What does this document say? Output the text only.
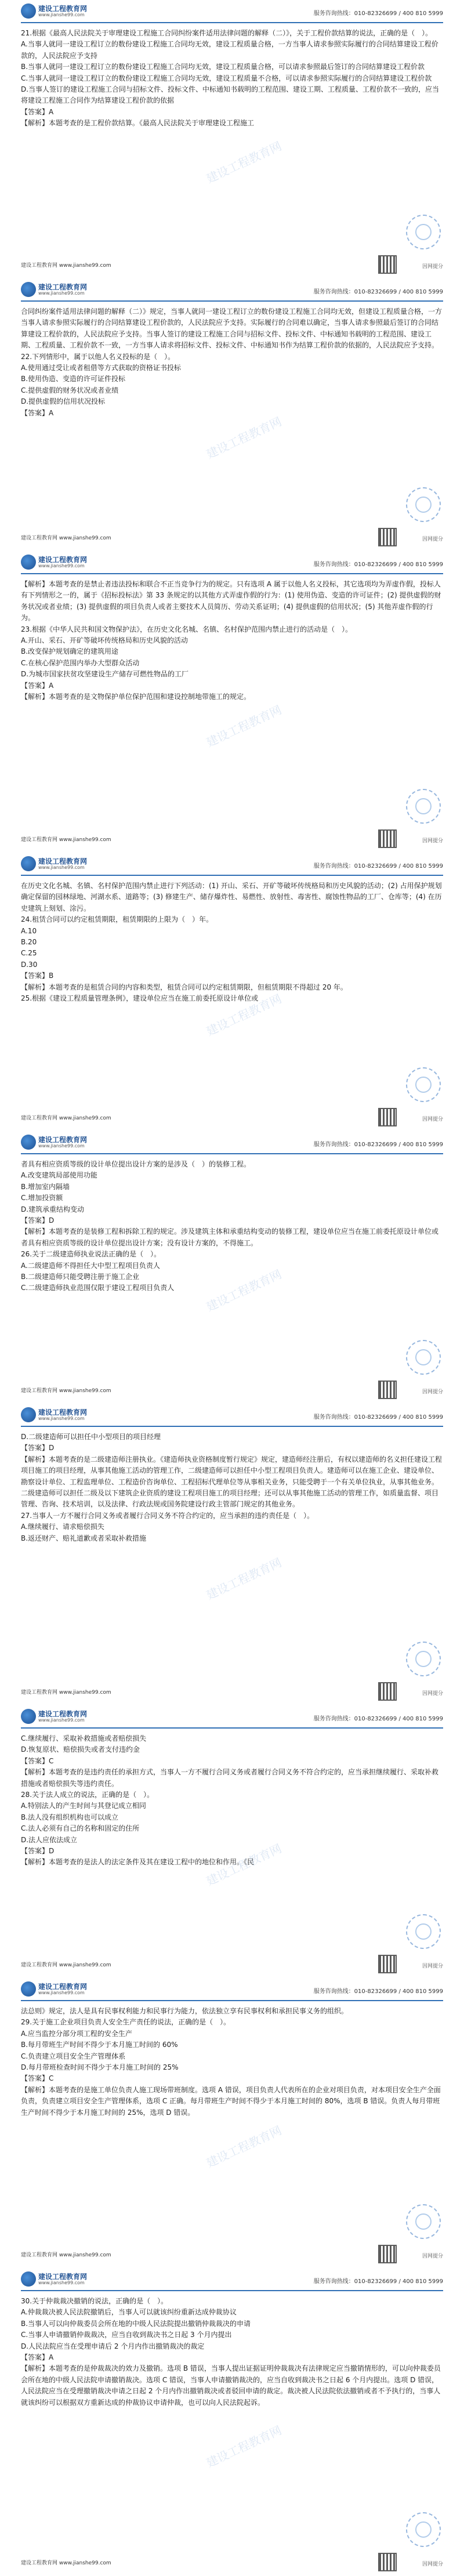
建设工程教育网
www.jianshe99.com	服务咨询热线：010-82326699 / 400 810 5999

21.根据《最高人民法院关于审理建设工程施工合同纠纷案件适用法律问题的解释（二）》，关于工程价款结算的说法，正确的是（　）。

A.当事人就同一建设工程订立的数份建设工程施工合同均无效，建设工程质量合格，一方当事人请求参照实际履行的合同结算建设工程价款的，人民法院应予支持

B.当事人就同一建设工程订立的数份建设工程施工合同均无效，建设工程质量合格，可以请求参照最后签订的合同结算建设工程价款

C.当事人就同一建设工程订立的数份建设工程施工合同均无效，建设工程质量不合格，可以请求参照实际履行的合同结算建设工程价款

D.当事人签订的建设工程施工合同与招标文件、投标文件、中标通知书载明的工程范围、建设工期、工程质量、工程价款不一致的，应当将建设工程施工合同作为结算建设工程价款的依据

【答案】A

【解析】本题考查的是工程价款结算。《最高人民法院关于审理建设工程施工

建设工程教育网 www.jianshe99.com	因网提分
建设工程教育网
建设工程教育网
www.jianshe99.com	服务咨询热线：010-82326699 / 400 810 5999

合同纠纷案件适用法律问题的解释（二）》规定，当事人就同一建设工程订立的数份建设工程施工合同均无效，但建设工程质量合格，一方当事人请求参照实际履行的合同结算建设工程价款的，人民法院应予支持。实际履行的合同难以确定，当事人请求参照最后签订的合同结算建设工程价款的，人民法院应予支持。当事人签订的建设工程施工合同与招标文件、投标文件、中标通知书载明的工程范围、建设工期、工程质量、工程价款不一致，一方当事人请求将招标文件、投标文件、中标通知书作为结算工程价款的依据的，人民法院应予支持。

22.下列情形中，属于以他人名义投标的是（　）。

A.使用通过受让或者租借等方式获取的资格证书投标

B.使用伪造、变造的许可证件投标

C.提供虚假的财务状况或者业绩

D.提供虚假的信用状况投标

【答案】A

建设工程教育网 www.jianshe99.com	因网提分
建设工程教育网
建设工程教育网
www.jianshe99.com	服务咨询热线：010-82326699 / 400 810 5999

【解析】本题考查的是禁止者违法投标和联合不正当竞争行为的规定。只有选项 A 属于以他人名义投标，其它选项均为弄虚作假，投标人有下列情形之一的，属于《招标投标法》第 33 条规定的以其他方式弄虚作假的行为：(1) 使用伪造、变造的许可证件；(2) 提供虚假的财务状况或者业绩；(3) 提供虚假的项目负责人或者主要技术人员简历、劳动关系证明；(4) 提供虚假的信用状况；(5) 其他弄虚作假的行为。

23.根据《中华人民共和国文物保护法》，在历史文化名城、名镇、名村保护范围内禁止进行的活动是（　）。

A.开山、采石、开矿等破坏传统格局和历史风貌的活动

B.改变保护规划确定的建筑用途

C.在核心保护范围内举办大型群众活动

D.为城市国家扶贫攻坚建设生产储存可燃性物品的工厂

【答案】A

【解析】本题考查的是文物保护单位保护范围和建设控制地带施工的规定。

建设工程教育网 www.jianshe99.com	因网提分
建设工程教育网
建设工程教育网
www.jianshe99.com	服务咨询热线：010-82326699 / 400 810 5999

在历史文化名城、名镇、名村保护范围内禁止进行下列活动：(1) 开山、采石、开矿等破坏传统格局和历史风貌的活动；(2) 占用保护规划确定保留的园林绿地、河湖水系、道路等；(3) 修建生产、储存爆炸性、易燃性、放射性、毒害性、腐蚀性物品的工厂、仓库等；(4) 在历史建筑上刻划、涂污。

24.租赁合同可以约定租赁期限，租赁期限的上限为（　）年。

A.10

B.20

C.25

D.30

【答案】B

【解析】本题考查的是租赁合同的内容和类型，租赁合同可以约定租赁期限，但租赁期限不得超过 20 年。

25.根据《建设工程质量管理条例》，建设单位应当在施工前委托原设计单位或

建设工程教育网 www.jianshe99.com	因网提分
建设工程教育网
建设工程教育网
www.jianshe99.com	服务咨询热线：010-82326699 / 400 810 5999

者具有相应资质等级的设计单位提出设计方案的是涉及（　）的装修工程。

A.改变建筑局部使用功能

B.增加室内隔墙

C.增加投资额

D.建筑承重结构变动

【答案】D

【解析】本题考查的是装修工程和拆除工程的规定。涉及建筑主体和承重结构变动的装修工程，建设单位应当在施工前委托原设计单位或者具有相应资质等级的设计单位提出设计方案；没有设计方案的，不得施工。

26.关于二级建造师执业说法正确的是（　）。

A.二级建造师不得担任大中型工程项目负责人

B.二级建造师只能受聘注册于施工企业

C.二级建造师执业范围仅限于建设工程项目负责人

建设工程教育网 www.jianshe99.com	因网提分
建设工程教育网
建设工程教育网
www.jianshe99.com	服务咨询热线：010-82326699 / 400 810 5999

D.二级建造师可以担任中小型项目的项目经理

【答案】D

【解析】本题考查的是二级建造师注册执业。《建造师执业资格制度暂行规定》规定，建造师经注册后，有权以建造师的名义担任建设工程项目施工的项目经理，从事其他施工活动的管理工作，二级建造师可以担任中小型工程项目负责人。建造师可以在施工企业、建设单位、勘察设计单位、工程监理单位、工程造价咨询单位、工程招标代理单位等从事相关业务，只能受聘于一个有关单位执业，从事其他业务。二级建造师可以担任二级及以下建筑企业资质的建设工程项目施工的项目经理；还可以从事其他施工活动的管理工作，如质量监督、项目管理、咨询、技术培训，以及法律、行政法规或国务院建设行政主管部门规定的其他业务。

27.当事人一方不履行合同义务或者履行合同义务不符合约定的，应当承担的违约责任是（　）。

A.继续履行、请求赔偿损失

B.返还财产、赔礼道歉或者采取补救措施

建设工程教育网 www.jianshe99.com	因网提分
建设工程教育网
建设工程教育网
www.jianshe99.com	服务咨询热线：010-82326699 / 400 810 5999

C.继续履行、采取补救措施或者赔偿损失

D.恢复原状、赔偿损失或者支付违约金

【答案】C

【解析】本题考查的是违约责任的承担方式，当事人一方不履行合同义务或者履行合同义务不符合约定的，应当承担继续履行、采取补救措施或者赔偿损失等违约责任。

28.关于法人成立的说法，正确的是（　）。

A.特别法人的产生时间与其登记成立相同

B.法人没有组织机构也可以成立

C.法人必须有自己的名称和固定的住所

D.法人应依法成立

【答案】D

【解析】本题考查的是法人的法定条件及其在建设工程中的地位和作用。《民

建设工程教育网 www.jianshe99.com	因网提分
建设工程教育网
建设工程教育网
www.jianshe99.com	服务咨询热线：010-82326699 / 400 810 5999

法总则》规定，法人是具有民事权利能力和民事行为能力，依法独立享有民事权利和承担民事义务的组织。

29.关于施工企业项目负责人安全生产责任的说法，正确的是（　）。

A.应当监控分部分项工程的安全生产

B.每月带班生产时间不得少于本月施工时间的 60%

C.负责建立项目安全生产管理体系

D.每月带班检查时间不得少于本月施工时间的 25%

【答案】C

【解析】本题考查的是施工单位负责人施工现场带班制度。选项 A 错误，项目负责人代表所在的企业对项目负责，对本项目安全生产全面负责，负责建立项目安全生产管理体系，选项 C 正确。每月带班生产时间不得少于本月施工时间的 80%，选项 B 错误。负责人每月带班生产时间不得少于本月施工时间的 25%，选项 D 错误。

建设工程教育网 www.jianshe99.com	因网提分
建设工程教育网
建设工程教育网
www.jianshe99.com	服务咨询热线：010-82326699 / 400 810 5999

30.关于仲裁裁决撤销的说法，正确的是（　）。

A.仲裁裁决被人民法院撤销后，当事人可以就该纠纷重新达成仲裁协议

B.当事人可以向仲裁委员会所在地的中级人民法院提出撤销仲裁裁决的申请

C.当事人申请撤销仲裁裁决，应当自收到裁决书之日起 3 个月内提出

D.人民法院应当在受理申请后 2 个月内作出撤销裁决的裁定

【答案】A

【解析】本题考查的是仲裁裁决的效力及撤销。选项 B 错误，当事人提出证据证明仲裁裁决有法律规定应当撤销情形的，可以向仲裁委员会所在地的中级人民法院申请撤销裁决。选项 C 错误，当事人申请撤销裁决的，应当自收到裁决书之日起 6 个月内提出。选项 D 错误，人民法院应当在受理撤销裁决申请之日起 2 个月内作出撤销裁决或者驳回申请的裁定。裁决被人民法院依法撤销或者不予执行的，当事人就该纠纷可以根据双方重新达成的仲裁协议申请仲裁，也可以向人民法院起诉。

建设工程教育网 www.jianshe99.com	因网提分
建设工程教育网
